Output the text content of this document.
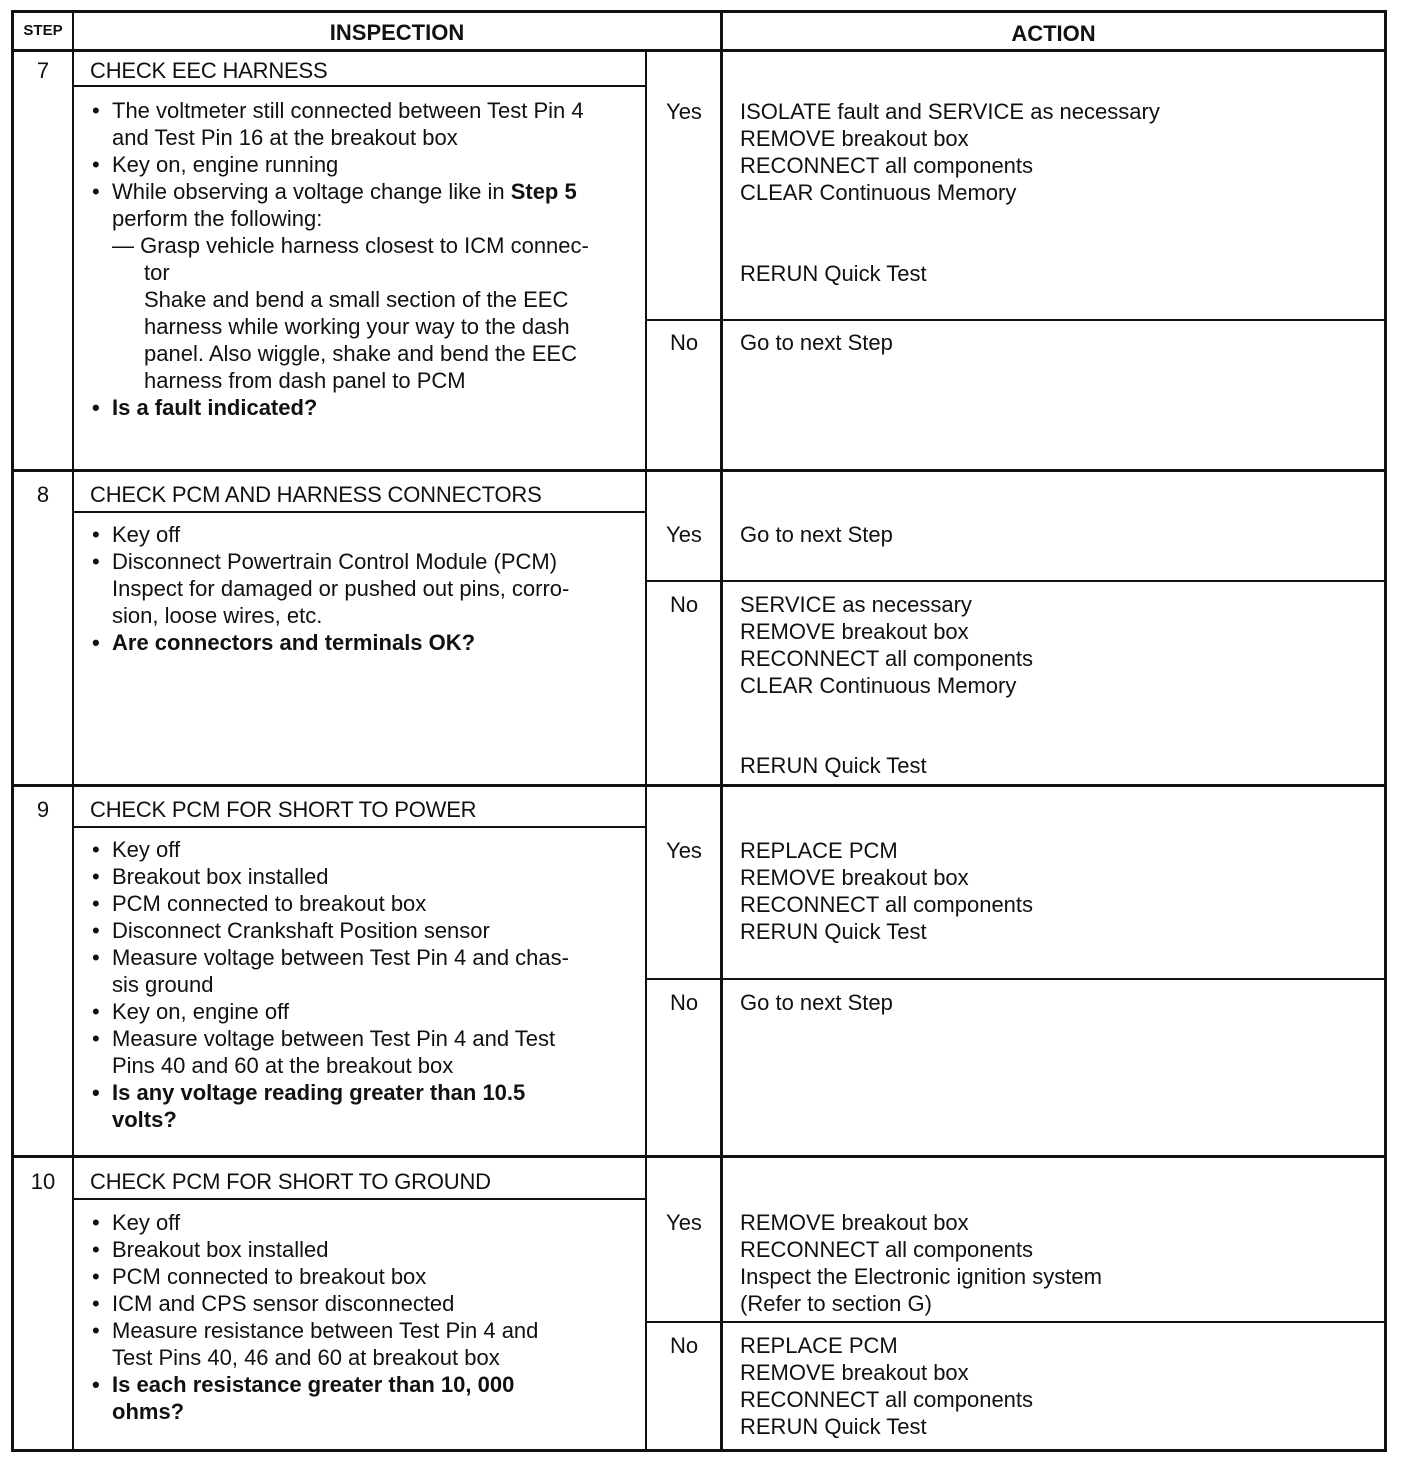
STEP	INSPECTION	ACTION
7	CHECK EEC HARNESS
• The voltmeter still connected between Test Pin 4
and Test Pin 16 at the breakout box
• Key on, engine running
• While observing a voltage change like in Step 5
perform the following:
— Grasp vehicle harness closest to ICM connec-
tor
Shake and bend a small section of the EEC
harness while working your way to the dash
panel. Also wiggle, shake and bend the EEC
harness from dash panel to PCM
• Is a fault indicated?
Yes	ISOLATE fault and SERVICE as necessary
REMOVE breakout box
RECONNECT all components
CLEAR Continuous Memory
RERUN Quick Test
No	Go to next Step
8	CHECK PCM AND HARNESS CONNECTORS
• Key off
• Disconnect Powertrain Control Module (PCM)
Inspect for damaged or pushed out pins, corro-
sion, loose wires, etc.
• Are connectors and terminals OK?
Yes	Go to next Step
No	SERVICE as necessary
REMOVE breakout box
RECONNECT all components
CLEAR Continuous Memory
RERUN Quick Test
9	CHECK PCM FOR SHORT TO POWER
• Key off
• Breakout box installed
• PCM connected to breakout box
• Disconnect Crankshaft Position sensor
• Measure voltage between Test Pin 4 and chas-
sis ground
• Key on, engine off
• Measure voltage between Test Pin 4 and Test
Pins 40 and 60 at the breakout box
• Is any voltage reading greater than 10.5
volts?
Yes	REPLACE PCM
REMOVE breakout box
RECONNECT all components
RERUN Quick Test
No	Go to next Step
10	CHECK PCM FOR SHORT TO GROUND
• Key off
• Breakout box installed
• PCM connected to breakout box
• ICM and CPS sensor disconnected
• Measure resistance between Test Pin 4 and
Test Pins 40, 46 and 60 at breakout box
• Is each resistance greater than 10, 000
ohms?
Yes	REMOVE breakout box
RECONNECT all components
Inspect the Electronic ignition system
(Refer to section G)
No	REPLACE PCM
REMOVE breakout box
RECONNECT all components
RERUN Quick Test
